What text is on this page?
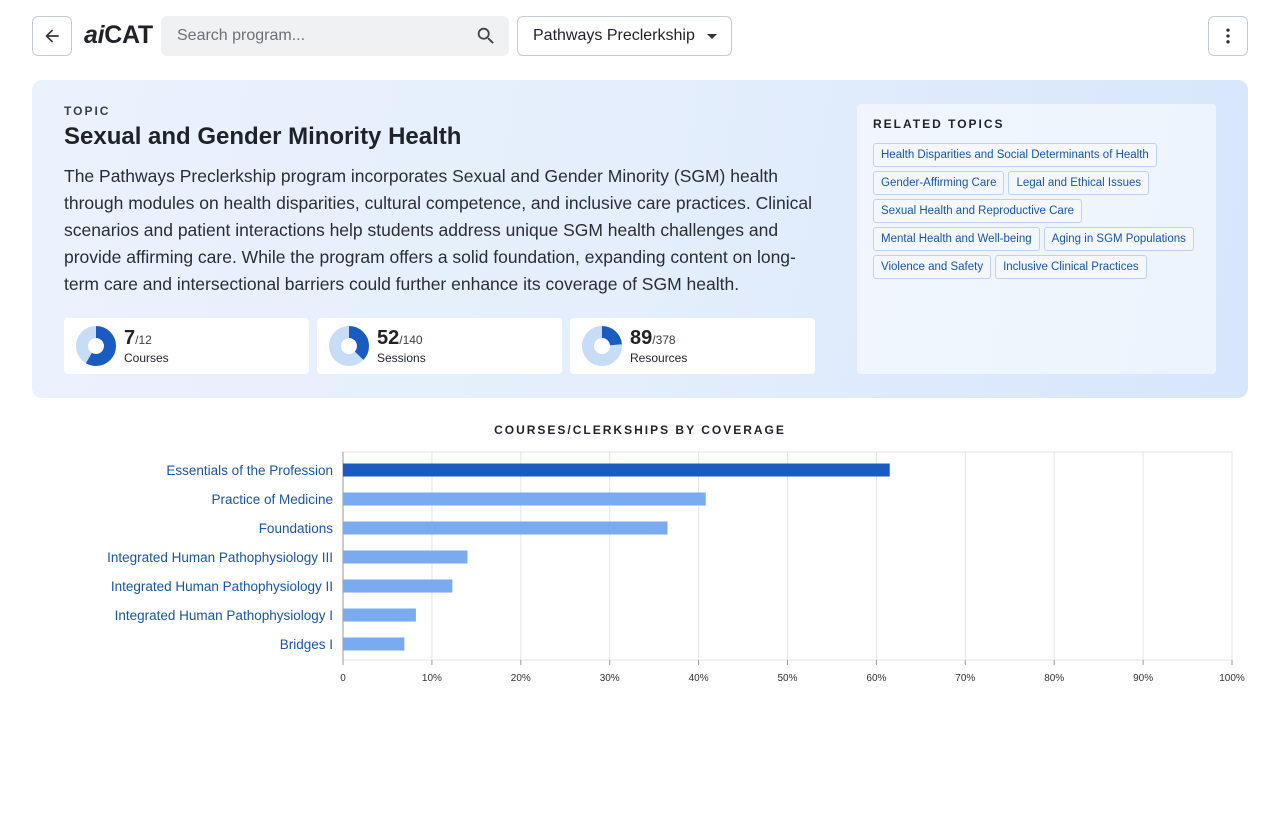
aiCAT
Search program...	Pathways Preclerkship
TOPIC
Sexual and Gender Minority Health
The Pathways Preclerkship program incorporates Sexual and Gender Minority (SGM) health through modules on health disparities, cultural competence, and inclusive care practices. Clinical scenarios and patient interactions help students address unique SGM health challenges and provide affirming care. While the program offers a solid foundation, expanding content on long-term care and intersectional barriers could further enhance its coverage of SGM health.
7/12
Courses
52/140
Sessions
89/378
Resources
RELATED TOPICS
Health Disparities and Social Determinants of Health
Gender-Affirming Care	Legal and Ethical Issues
Sexual Health and Reproductive Care
Mental Health and Well-being	Aging in SGM Populations
Violence and Safety	Inclusive Clinical Practices
COURSES/CLERKSHIPS BY COVERAGE
0	10%	20%	30%	40%	50%	60%	70%	80%	90%	100%
Essentials of the Profession
Practice of Medicine
Foundations
Integrated Human Pathophysiology III
Integrated Human Pathophysiology II
Integrated Human Pathophysiology I
Bridges I
